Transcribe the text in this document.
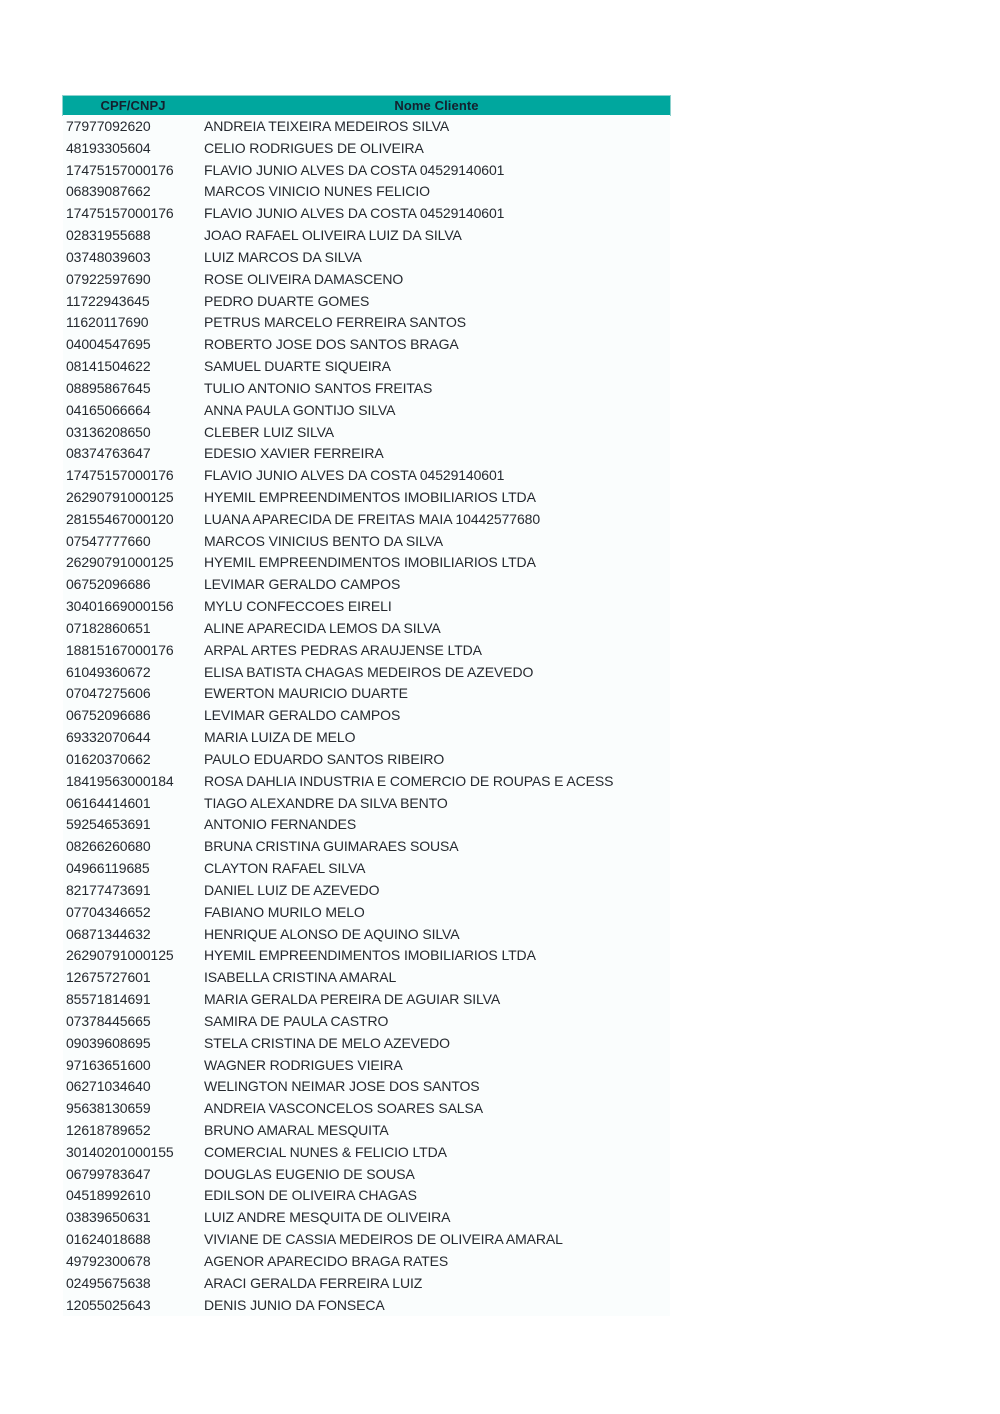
CPF/CNPJ	Nome Cliente
77977092620	ANDREIA TEIXEIRA MEDEIROS SILVA
48193305604	CELIO RODRIGUES DE OLIVEIRA
17475157000176	FLAVIO JUNIO ALVES DA COSTA 04529140601
06839087662	MARCOS VINICIO NUNES FELICIO
17475157000176	FLAVIO JUNIO ALVES DA COSTA 04529140601
02831955688	JOAO RAFAEL OLIVEIRA LUIZ DA SILVA
03748039603	LUIZ MARCOS DA SILVA
07922597690	ROSE OLIVEIRA DAMASCENO
11722943645	PEDRO DUARTE GOMES
11620117690	PETRUS MARCELO FERREIRA SANTOS
04004547695	ROBERTO JOSE DOS SANTOS BRAGA
08141504622	SAMUEL DUARTE SIQUEIRA
08895867645	TULIO ANTONIO SANTOS FREITAS
04165066664	ANNA PAULA GONTIJO SILVA
03136208650	CLEBER LUIZ SILVA
08374763647	EDESIO XAVIER FERREIRA
17475157000176	FLAVIO JUNIO ALVES DA COSTA 04529140601
26290791000125	HYEMIL EMPREENDIMENTOS IMOBILIARIOS LTDA
28155467000120	LUANA APARECIDA DE FREITAS MAIA 10442577680
07547777660	MARCOS VINICIUS BENTO DA SILVA
26290791000125	HYEMIL EMPREENDIMENTOS IMOBILIARIOS LTDA
06752096686	LEVIMAR GERALDO CAMPOS
30401669000156	MYLU CONFECCOES EIRELI
07182860651	ALINE APARECIDA LEMOS DA SILVA
18815167000176	ARPAL ARTES PEDRAS ARAUJENSE LTDA
61049360672	ELISA BATISTA CHAGAS MEDEIROS DE AZEVEDO
07047275606	EWERTON MAURICIO DUARTE
06752096686	LEVIMAR GERALDO CAMPOS
69332070644	MARIA LUIZA DE MELO
01620370662	PAULO EDUARDO SANTOS RIBEIRO
18419563000184	ROSA DAHLIA INDUSTRIA E COMERCIO DE ROUPAS E ACESS
06164414601	TIAGO ALEXANDRE DA SILVA BENTO
59254653691	ANTONIO FERNANDES
08266260680	BRUNA CRISTINA GUIMARAES SOUSA
04966119685	CLAYTON RAFAEL SILVA
82177473691	DANIEL LUIZ DE AZEVEDO
07704346652	FABIANO MURILO MELO
06871344632	HENRIQUE ALONSO DE AQUINO SILVA
26290791000125	HYEMIL EMPREENDIMENTOS IMOBILIARIOS LTDA
12675727601	ISABELLA CRISTINA AMARAL
85571814691	MARIA GERALDA PEREIRA DE AGUIAR SILVA
07378445665	SAMIRA DE PAULA CASTRO
09039608695	STELA CRISTINA DE MELO AZEVEDO
97163651600	WAGNER RODRIGUES VIEIRA
06271034640	WELINGTON NEIMAR JOSE DOS SANTOS
95638130659	ANDREIA VASCONCELOS SOARES SALSA
12618789652	BRUNO AMARAL MESQUITA
30140201000155	COMERCIAL NUNES & FELICIO LTDA
06799783647	DOUGLAS EUGENIO DE SOUSA
04518992610	EDILSON DE OLIVEIRA CHAGAS
03839650631	LUIZ ANDRE MESQUITA DE OLIVEIRA
01624018688	VIVIANE DE CASSIA MEDEIROS DE OLIVEIRA AMARAL
49792300678	AGENOR APARECIDO BRAGA RATES
02495675638	ARACI GERALDA FERREIRA LUIZ
12055025643	DENIS JUNIO DA FONSECA
